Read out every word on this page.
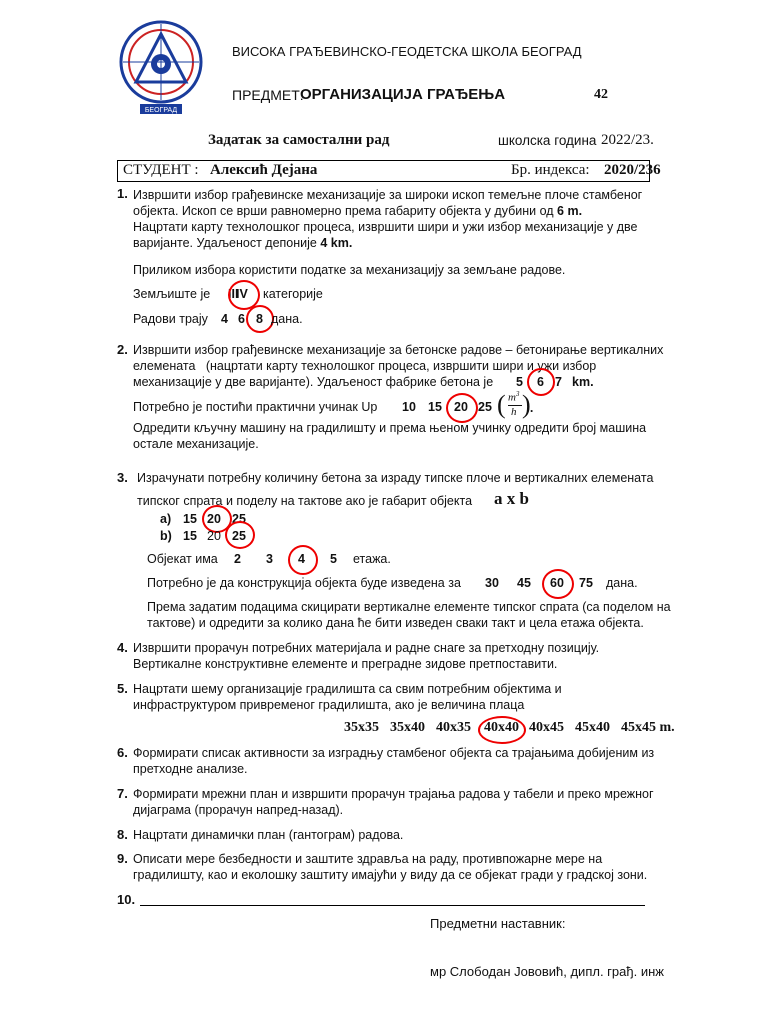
БЕОГРАД
ВИСОКА ГРАЂЕВИНСКО-ГЕОДЕТСКА ШКОЛА БЕОГРАД
ПРЕДМЕТ:
ОРГАНИЗАЦИЈА ГРАЂЕЊА	42
Задатак за самостални рад	школска година 2022/23.
СТУДЕНТ : Алексић Дејана	Бр. индекса: 2020/236
1. Извршити избор грађевинске механизације за широки ископ темељне плоче стамбеног
објекта. Ископ се врши равномерно према габариту објекта у дубини од 6 m.
Нацртати карту технолошког процеса, извршити шири и ужи избор механизације у две
варијанте. Удаљеност депоније 4 km.
Приликом избора користити податке за механизацију за земљане радове.
Земљиште је III
IV категорије
Радови трају 4 6 8 дана.
2. Извршити избор грађевинске механизације за бетонске радове – бетонирање вертикалних
елемената   (нацртати карту технолошког процеса, извршити шири и ужи избор
механизације у две варијанте). Удаљеност фабрике бетона је 5 6 7 km.
Потребно је постићи практични учинак Up 10 15 20 25 ( $m^3$
h ) .
Одредити кључну машину на градилишту и према њеном учинку одредити број машина
остале механизације.
3. Израчунати потребну количину бетона за израду типске плоче и вертикалних елемената
типског спрата и поделу на тактове ако је габарит објекта a x b
a) 15 20 25
b) 15 20 25
Објекат има 2 3 4 5 етажа.
Потребно је да конструкција објекта буде изведена за 30 45 60 75 дана.
Према задатим подацима скицирати вертикалне елементе типског спрата (са поделом на
тактове) и одредити за колико дана ће бити изведен сваки такт и цела етажа објекта.
4. Извршити прорачун потребних материјала и радне снаге за претходну позицију.
Вертикалне конструктивне елементе и преградне зидове претпоставити.
5. Нацртати шему организације градилишта са свим потребним објектима и
инфраструктуром привременог градилишта, ако је величина плаца
35x35 35x40 40x35 40x40 40x45 45x40 45x45 m.
6. Формирати списак активности за изградњу стамбеног објекта са трајањима добијеним из
претходне анализе.
7. Формирати мрежни план и извршити прорачун трајања радова у табели и преко мрежног
дијаграма (прорачун напред-назад).
8. Нацртати динамички план (гантограм) радова.
9. Описати мере безбедности и заштите здравља на раду, противпожарне мере на
градилишту, као и еколошку заштиту имајући у виду да се објекат гради у градској зони.
10.
Предметни наставник:
мр Слободан Јововић, дипл. грађ. инж
